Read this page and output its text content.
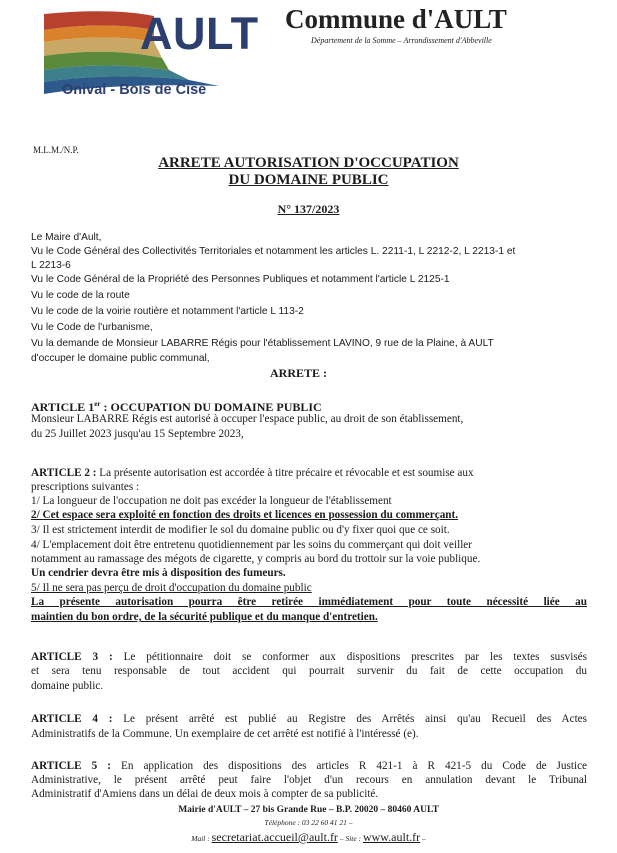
AULT
Onival - Bois de Cise
Commune d'AULT
Département de la Somme – Arrondissement d'Abbeville
M.L.M./N.P.
ARRETE AUTORISATION D'OCCUPATION
DU DOMAINE PUBLIC
N° 137/2023
Le Maire d'Ault,
Vu le Code Général des Collectivités Territoriales et notamment les articles L. 2211-1, L 2212-2, L 2213-1 et
L 2213-6
Vu le Code Général de la Propriété des Personnes Publiques et notamment l'article L 2125-1
Vu le code de la route
Vu le code de la voirie routière et notamment l'article L 113-2
Vu le Code de l'urbanisme,
Vu la demande de Monsieur LABARRE Régis pour l'établissement LAVINO, 9 rue de la Plaine, à AULT
d'occuper le domaine public communal,
ARRETE :
ARTICLE 1er : OCCUPATION DU DOMAINE PUBLIC
Monsieur LABARRE Régis est autorisé à occuper l'espace public, au droit de son établissement,
du 25 Juillet 2023 jusqu'au 15 Septembre 2023,
ARTICLE 2 : La présente autorisation est accordée à titre précaire et révocable et est soumise aux
prescriptions suivantes :
1/ La longueur de l'occupation ne doit pas excéder la longueur de l'établissement
2/ Cet espace sera exploité en fonction des droits et licences en possession du commerçant.
3/ Il est strictement interdit de modifier le sol du domaine public ou d'y fixer quoi que ce soit.
4/ L'emplacement doit être entretenu quotidiennement par les soins du commerçant qui doit veiller
notamment au ramassage des mégots de cigarette, y compris au bord du trottoir sur la voie publique.
Un cendrier devra être mis à disposition des fumeurs.
5/ Il ne sera pas perçu de droit d'occupation du domaine public
La présente autorisation pourra être retirée immédiatement pour toute nécessité liée au
maintien du bon ordre, de la sécurité publique et du manque d'entretien.
ARTICLE 3 : Le pétitionnaire doit se conformer aux dispositions prescrites par les textes susvisés
et sera tenu responsable de tout accident qui pourrait survenir du fait de cette occupation du
domaine public.
ARTICLE 4 : Le présent arrêté est publié au Registre des Arrêtés ainsi qu'au Recueil des Actes
Administratifs de la Commune. Un exemplaire de cet arrêté est notifié à l'intéressé (e).
ARTICLE 5 : En application des dispositions des articles R 421-1 à R 421-5 du Code de Justice
Administrative, le présent arrêté peut faire l'objet d'un recours en annulation devant le Tribunal
Administratif d'Amiens dans un délai de deux mois à compter de sa publicité.
Mairie d'AULT – 27 bis Grande Rue – B.P. 20020 – 80460 AULT
Téléphone : 03 22 60 41 21 –
Mail : secretariat.accueil@ault.fr – Site : www.ault.fr –
